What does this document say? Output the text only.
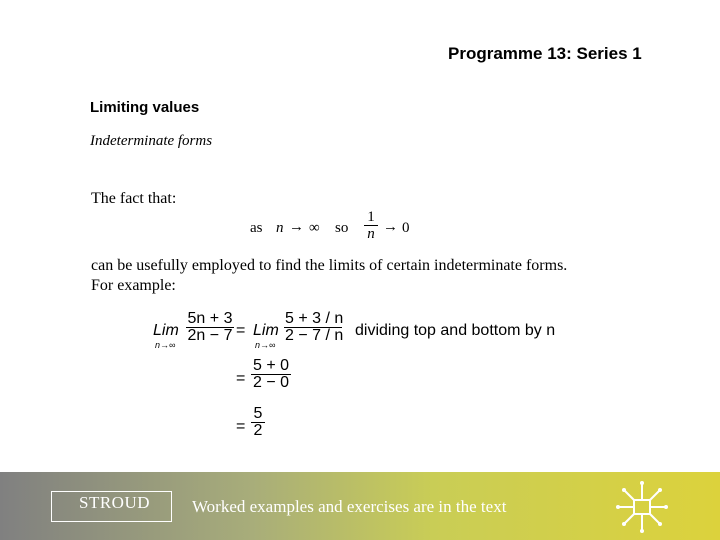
Programme 13: Series 1
Limiting values
Indeterminate forms
The fact that:
as n → ∞ so $\frac{1}{n} \to 0$
can be usefully employed to find the limits of certain indeterminate forms.
For example:
Lim
n→∞
$\frac{5n + 3}{2n - 7}$ = Lim
n→∞
$\frac{5 + 3 / n}{2 - 7 / n}$ dividing top and bottom by n
= $\frac{5 + 0}{2 - 0}$
= $\frac{5}{2}$
STROUD Worked examples and exercises are in the text
